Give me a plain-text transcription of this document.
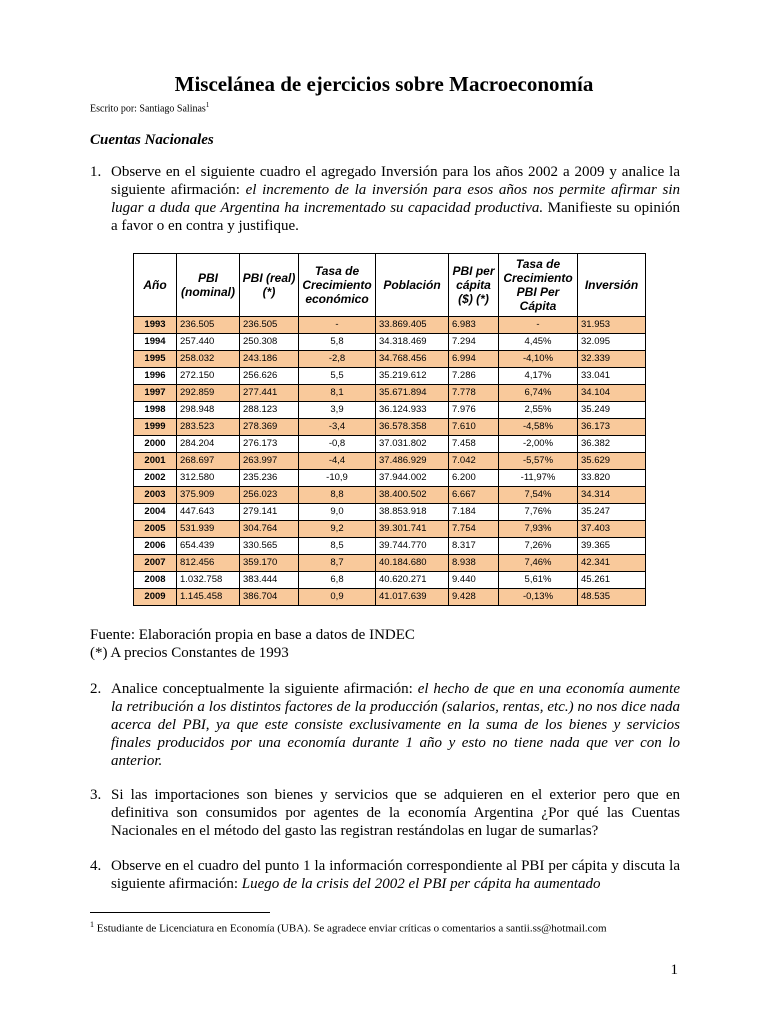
Miscelánea de ejercicios sobre Macroeconomía
Escrito por: Santiago Salinas$^1$
Cuentas Nacionales
1. Observe en el siguiente cuadro el agregado Inversión para los años 2002 a 2009 y analice la siguiente afirmación: el incremento de la inversión para esos años nos permite afirmar sin lugar a duda que Argentina ha incrementado su capacidad productiva. Manifieste su opinión a favor o en contra y justifique.
Año	PBI (nominal)	PBI (real) (*)	Tasa de Crecimiento económico	Población	PBI per cápita ($) (*)	Tasa de Crecimiento PBI Per Cápita	Inversión
1993	236.505	236.505	-	33.869.405	6.983	-	31.953
1994	257.440	250.308	5,8	34.318.469	7.294	4,45%	32.095
1995	258.032	243.186	-2,8	34.768.456	6.994	-4,10%	32.339
1996	272.150	256.626	5,5	35.219.612	7.286	4,17%	33.041
1997	292.859	277.441	8,1	35.671.894	7.778	6,74%	34.104
1998	298.948	288.123	3,9	36.124.933	7.976	2,55%	35.249
1999	283.523	278.369	-3,4	36.578.358	7.610	-4,58%	36.173
2000	284.204	276.173	-0,8	37.031.802	7.458	-2,00%	36.382
2001	268.697	263.997	-4,4	37.486.929	7.042	-5,57%	35.629
2002	312.580	235.236	-10,9	37.944.002	6.200	-11,97%	33.820
2003	375.909	256.023	8,8	38.400.502	6.667	7,54%	34.314
2004	447.643	279.141	9,0	38.853.918	7.184	7,76%	35.247
2005	531.939	304.764	9,2	39.301.741	7.754	7,93%	37.403
2006	654.439	330.565	8,5	39.744.770	8.317	7,26%	39.365
2007	812.456	359.170	8,7	40.184.680	8.938	7,46%	42.341
2008	1.032.758	383.444	6,8	40.620.271	9.440	5,61%	45.261
2009	1.145.458	386.704	0,9	41.017.639	9.428	-0,13%	48.535
Fuente: Elaboración propia en base a datos de INDEC
(*) A precios Constantes de 1993
2. Analice conceptualmente la siguiente afirmación: el hecho de que en una economía aumente la retribución a los distintos factores de la producción (salarios, rentas, etc.) no nos dice nada acerca del PBI, ya que este consiste exclusivamente en la suma de los bienes y servicios finales producidos por una economía durante 1 año y esto no tiene nada que ver con lo anterior.
3. Si las importaciones son bienes y servicios que se adquieren en el exterior pero que en definitiva son consumidos por agentes de la economía Argentina ¿Por qué las Cuentas Nacionales en el método del gasto las registran restándolas en lugar de sumarlas?
4. Observe en el cuadro del punto 1 la información correspondiente al PBI per cápita y discuta la siguiente afirmación: Luego de la crisis del 2002 el PBI per cápita ha aumentado
$^1$ Estudiante de Licenciatura en Economía (UBA). Se agradece enviar críticas o comentarios a santii.ss@hotmail.com
1
